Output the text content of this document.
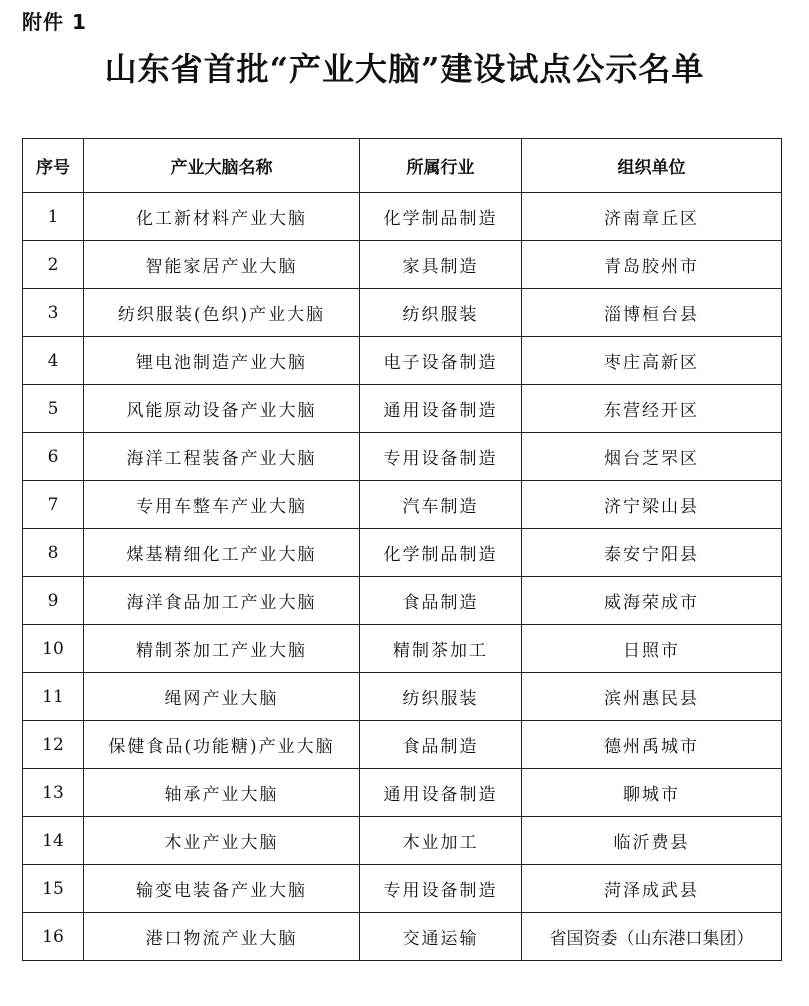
附件 1
山东省首批“产业大脑”建设试点公示名单
序号	产业大脑名称	所属行业	组织单位
1	化工新材料产业大脑	化学制品制造	济南章丘区
2	智能家居产业大脑	家具制造	青岛胶州市
3	纺织服装(色织)产业大脑	纺织服装	淄博桓台县
4	锂电池制造产业大脑	电子设备制造	枣庄高新区
5	风能原动设备产业大脑	通用设备制造	东营经开区
6	海洋工程装备产业大脑	专用设备制造	烟台芝罘区
7	专用车整车产业大脑	汽车制造	济宁梁山县
8	煤基精细化工产业大脑	化学制品制造	泰安宁阳县
9	海洋食品加工产业大脑	食品制造	威海荣成市
10	精制茶加工产业大脑	精制茶加工	日照市
11	绳网产业大脑	纺织服装	滨州惠民县
12	保健食品(功能糖)产业大脑	食品制造	德州禹城市
13	轴承产业大脑	通用设备制造	聊城市
14	木业产业大脑	木业加工	临沂费县
15	输变电装备产业大脑	专用设备制造	菏泽成武县
16	港口物流产业大脑	交通运输	省国资委（山东港口集团）
